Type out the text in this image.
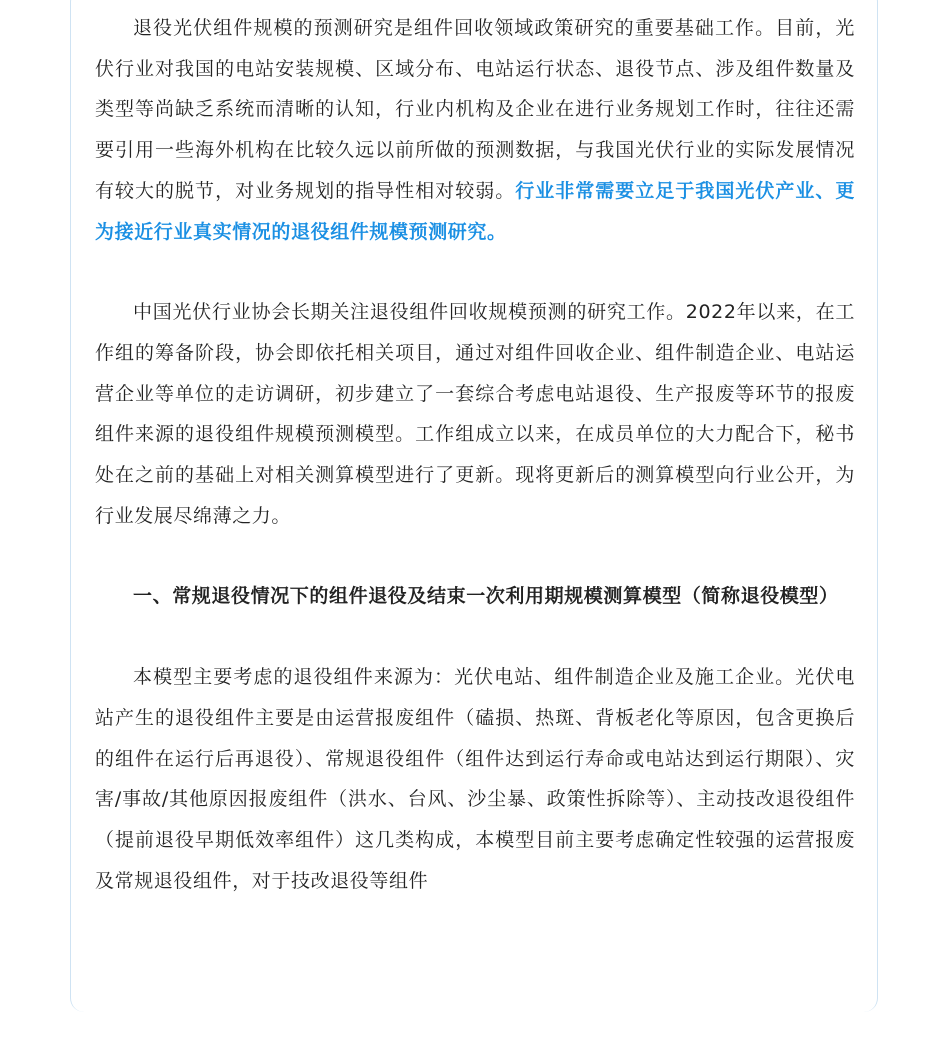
退役光伏组件规模的预测研究是组件回收领域政策研究的重要基础工作。目前，光伏行业对我国的电站安装规模、区域分布、电站运行状态、退役节点、涉及组件数量及类型等尚缺乏系统而清晰的认知，行业内机构及企业在进行业务规划工作时，往往还需要引用一些海外机构在比较久远以前所做的预测数据，与我国光伏行业的实际发展情况有较大的脱节，对业务规划的指导性相对较弱。行业非常需要立足于我国光伏产业、更为接近行业真实情况的退役组件规模预测研究。

中国光伏行业协会长期关注退役组件回收规模预测的研究工作。2022年以来，在工作组的筹备阶段，协会即依托相关项目，通过对组件回收企业、组件制造企业、电站运营企业等单位的走访调研，初步建立了一套综合考虑电站退役、生产报废等环节的报废组件来源的退役组件规模预测模型。工作组成立以来，在成员单位的大力配合下，秘书处在之前的基础上对相关测算模型进行了更新。现将更新后的测算模型向行业公开，为行业发展尽绵薄之力。

一、常规退役情况下的组件退役及结束一次利用期规模测算模型（简称退役模型）

本模型主要考虑的退役组件来源为：光伏电站、组件制造企业及施工企业。光伏电站产生的退役组件主要是由运营报废组件（磕损、热斑、背板老化等原因，包含更换后的组件在运行后再退役）、常规退役组件（组件达到运行寿命或电站达到运行期限）、灾害/事故/其他原因报废组件（洪水、台风、沙尘暴、政策性拆除等）、主动技改退役组件（提前退役早期低效率组件）这几类构成，本模型目前主要考虑确定性较强的运营报废及常规退役组件，对于技改退役等组件
